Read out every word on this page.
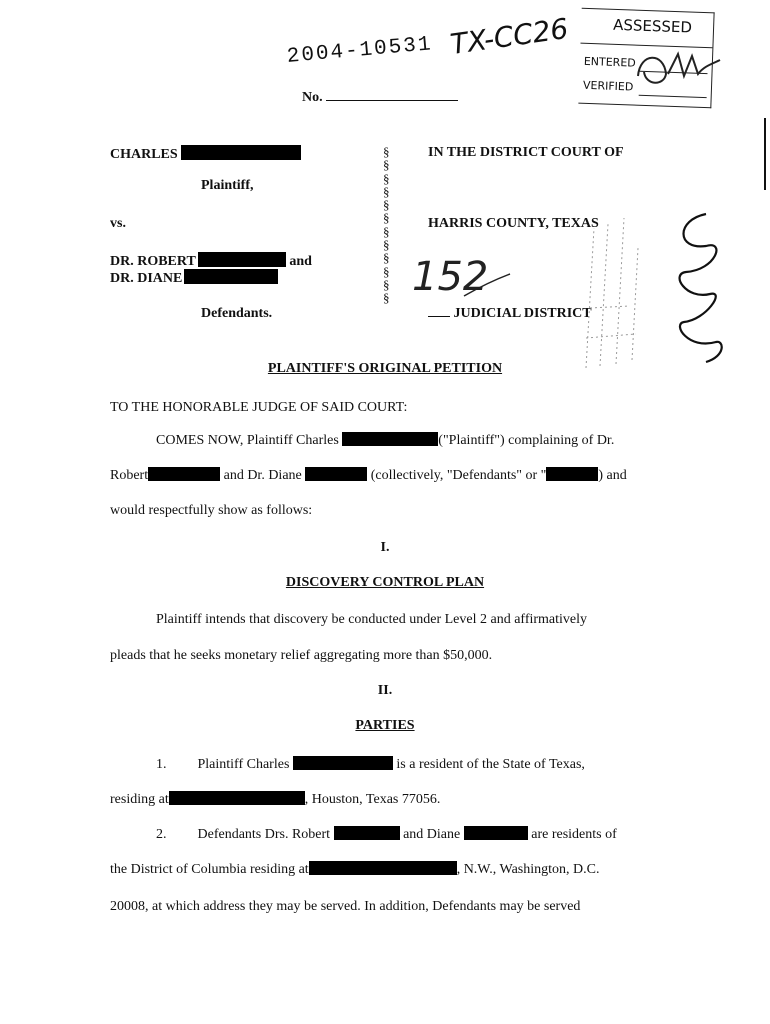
2004-10531 TX-CC26
No.
ASSESSED
ENTERED
VERIFIED
CHARLES
Plaintiff,
vs.
DR. ROBERT	and
DR. DIANE
Defendants.
§
§
§
§
§
§
§
§
§
§
§
§
IN THE DISTRICT COURT OF
HARRIS COUNTY, TEXAS
JUDICIAL DISTRICT
152
PLAINTIFF'S ORIGINAL PETITION
TO THE HONORABLE JUDGE OF SAID COURT:
COMES NOW, Plaintiff Charles	("Plaintiff") complaining of Dr.
Robert	and Dr. Diane	(collectively, "Defendants" or "	) and
would respectfully show as follows:
I.
DISCOVERY CONTROL PLAN
Plaintiff intends that discovery be conducted under Level 2 and affirmatively
pleads that he seeks monetary relief aggregating more than $50,000.
II.
PARTIES
1. Plaintiff Charles	is a resident of the State of Texas,
residing at	, Houston, Texas 77056.
2. Defendants Drs. Robert	and Diane	are residents of
the District of Columbia residing at	, N.W., Washington, D.C.
20008, at which address they may be served. In addition, Defendants may be served
